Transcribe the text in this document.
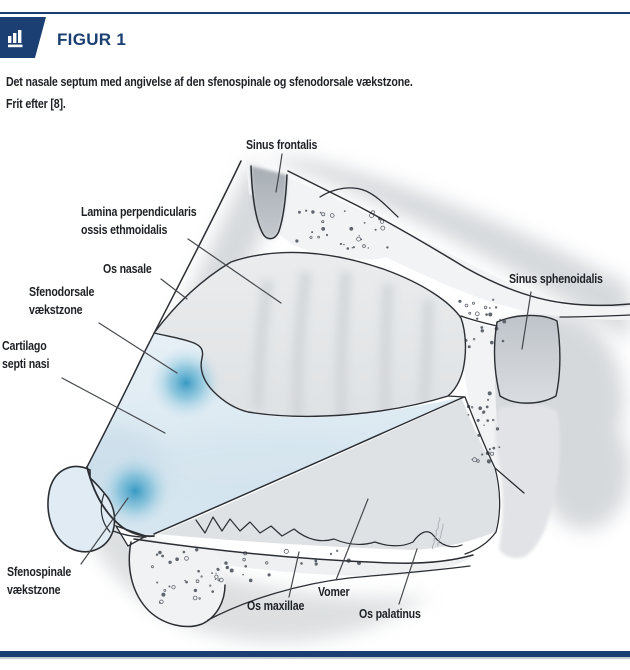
FIGUR 1
Det nasale septum med angivelse af den sfenospinale og sfenodorsale vækstzone.
Frit efter [8].
Sinus frontalis
Lamina perpendicularis
ossis ethmoidalis
Os nasale
Sfenodorsale
vækstzone
Cartilago
septi nasi
Sinus sphenoidalis
Sfenospinale
vækstzone
Os maxillae
Vomer
Os palatinus
